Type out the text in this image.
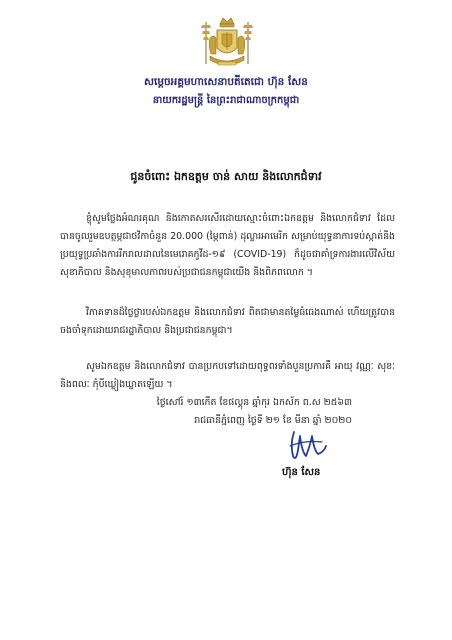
សម្ដេចអគ្គមហាសេនាបតីតេជោ ហ៊ុន សែន
នាយករដ្ឋមន្ត្រី នៃព្រះរាជាណាចក្រកម្ពុជា
ជូនចំពោះ ឯកឧត្តម ចាន់ សាយ និងលោកជំទាវ
ខ្ញុំសូមថ្លែងអំណរគុណ និងកោតសរសើរដោយស្មោះចំពោះឯកឧត្តម និងលោកជំទាវ ដែលបានចូលរួមឧបត្ថម្ភជាថវិកាចំនួន 20.000 (ម្ភៃពាន់) ដុល្លារអាមេរិក សម្រាប់យុទ្ធនាការទប់ស្កាត់និងប្រយុទ្ធប្រឆាំងការរីករាលដាលនៃមេរោគកូវីដ-១៩ (COVID-19) ក៏ដូចជាគាំទ្រការងារលើវិស័យសុខាភិបាល និងសុខុមាលភាពរបស់ប្រជាជនកម្ពុជាយើង និងពិភពលោក ។
វិភាគទានដ៏ថ្លៃថ្លារបស់ឯកឧត្តម និងលោកជំទាវ ពិតជាមានតម្លៃធំធេងណាស់ ហើយត្រូវបានចងចាំទុកដោយរាជរដ្ឋាភិបាល និងប្រជាជនកម្ពុជា។
សូមឯកឧត្តម និងលោកជំទាវ បានប្រកបទៅដោយពុទ្ធពរទាំងបួនប្រការគឺ អាយុ វណ្ណៈ សុខៈ និងពលៈ កុំបីឃ្លៀងឃ្លាតឡើយ ។
ថ្ងៃសៅរ៍ ១៣កើត ខែផល្គុន ឆ្នាំកុរ ឯកស័ក ព.ស ២៥៦៣
រាជធានីភ្នំពេញ ថ្ងៃទី ២១ ខែ មីនា ឆ្នាំ ២០២០
ហ៊ុន សែន
